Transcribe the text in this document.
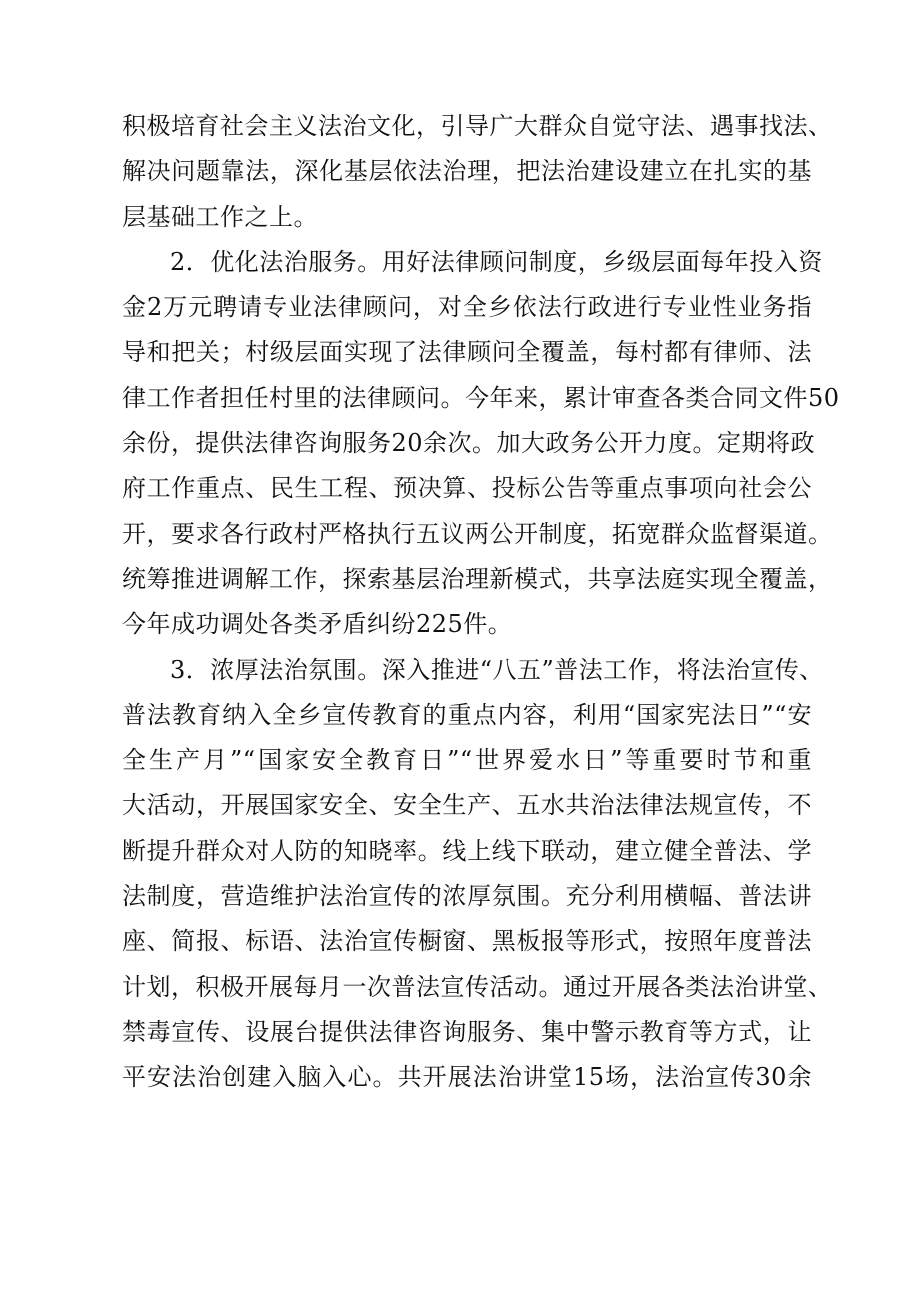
积极培育社会主义法治文化，引导广大群众自觉守法、遇事找法、
解决问题靠法，深化基层依法治理，把法治建设建立在扎实的基
层基础工作之上。
2．优化法治服务。用好法律顾问制度，乡级层面每年投入资
金2万元聘请专业法律顾问，对全乡依法行政进行专业性业务指
导和把关；村级层面实现了法律顾问全覆盖，每村都有律师、法
律工作者担任村里的法律顾问。今年来，累计审查各类合同文件50
余份，提供法律咨询服务20余次。加大政务公开力度。定期将政
府工作重点、民生工程、预决算、投标公告等重点事项向社会公
开，要求各行政村严格执行五议两公开制度，拓宽群众监督渠道。
统筹推进调解工作，探索基层治理新模式，共享法庭实现全覆盖，
今年成功调处各类矛盾纠纷225件。
3．浓厚法治氛围。深入推进“八五”普法工作，将法治宣传、
普法教育纳入全乡宣传教育的重点内容，利用“国家宪法日”“安
全生产月”“国家安全教育日”“世界爱水日”等重要时节和重
大活动，开展国家安全、安全生产、五水共治法律法规宣传，不
断提升群众对人防的知晓率。线上线下联动，建立健全普法、学
法制度，营造维护法治宣传的浓厚氛围。充分利用横幅、普法讲
座、简报、标语、法治宣传橱窗、黑板报等形式，按照年度普法
计划，积极开展每月一次普法宣传活动。通过开展各类法治讲堂、
禁毒宣传、设展台提供法律咨询服务、集中警示教育等方式，让
平安法治创建入脑入心。共开展法治讲堂15场，法治宣传30余
